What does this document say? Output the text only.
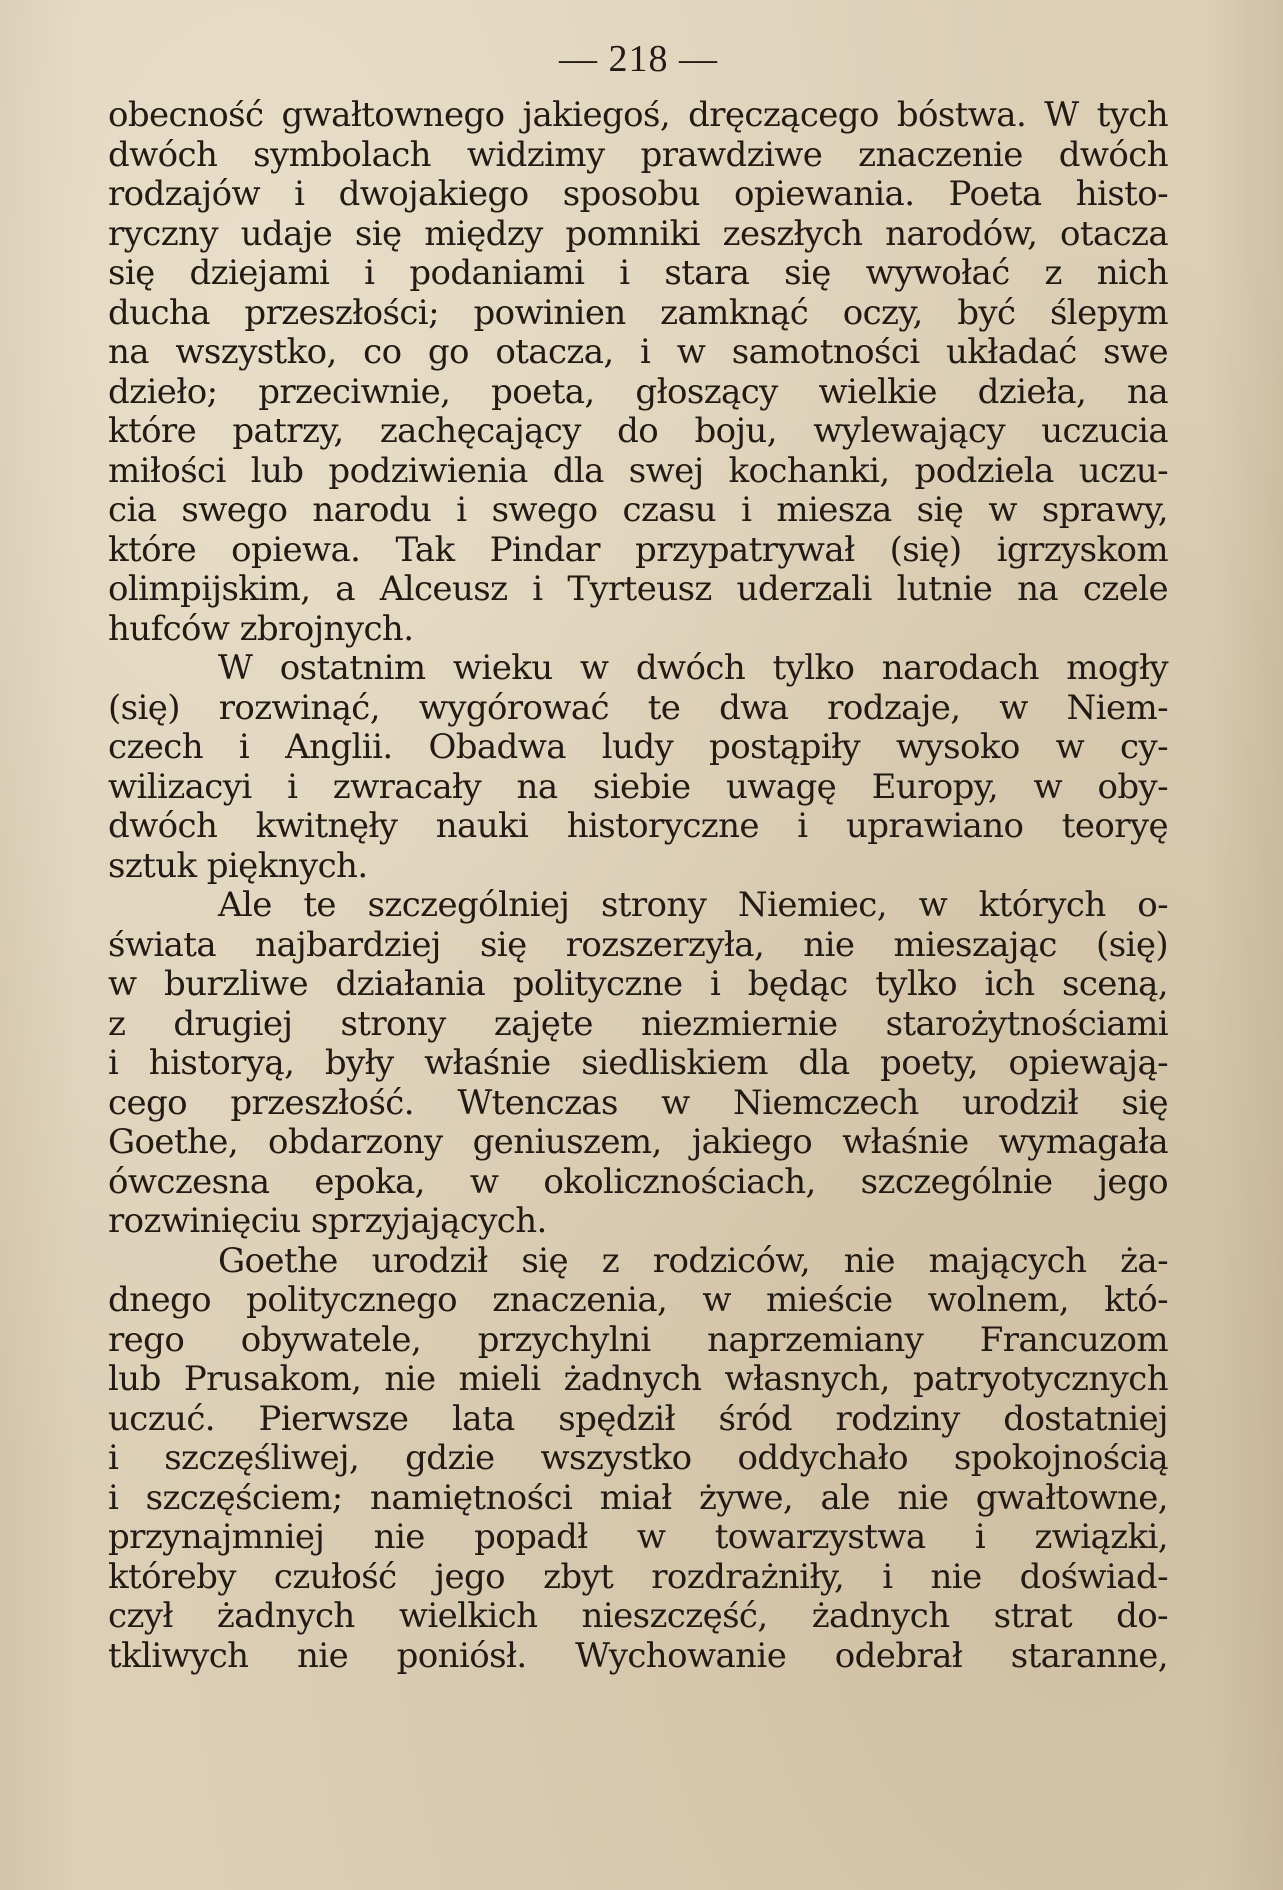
— 218 —
obecność gwałtownego jakiegoś, dręczącego bóstwa. W tych
dwóch symbolach widzimy prawdziwe znaczenie dwóch
rodzajów i dwojakiego sposobu opiewania. Poeta histo-
ryczny udaje się między pomniki zeszłych narodów, otacza
się dziejami i podaniami i stara się wywołać z nich
ducha przeszłości; powinien zamknąć oczy, być ślepym
na wszystko, co go otacza, i w samotności układać swe
dzieło; przeciwnie, poeta, głoszący wielkie dzieła, na
które patrzy, zachęcający do boju, wylewający uczucia
miłości lub podziwienia dla swej kochanki, podziela uczu-
cia swego narodu i swego czasu i miesza się w sprawy,
które opiewa. Tak Pindar przypatrywał (się) igrzyskom
olimpijskim, a Alceusz i Tyrteusz uderzali lutnie na czele
hufców zbrojnych.
W ostatnim wieku w dwóch tylko narodach mogły
(się) rozwinąć, wygórować te dwa rodzaje, w Niem-
czech i Anglii. Obadwa ludy postąpiły wysoko w cy-
wilizacyi i zwracały na siebie uwagę Europy, w oby-
dwóch kwitnęły nauki historyczne i uprawiano teoryę
sztuk pięknych.
Ale te szczególniej strony Niemiec, w których o-
światа najbardziej się rozszerzyła, nie mieszając (się)
w burzliwe działania polityczne i będąc tylko ich sceną,
z drugiej strony zajęte niezmiernie starożytnościami
i historyą, były właśnie siedliskiem dla poety, opiewają-
cego przeszłość. Wtenczas w Niemczech urodził się
Goethe, obdarzony geniuszem, jakiego właśnie wymagała
ówczesna epoka, w okolicznościach, szczególnie jego
rozwinięciu sprzyjających.
Goethe urodził się z rodziców, nie mających ża-
dnego politycznego znaczenia, w mieście wolnem, któ-
rego obywatele, przychylni naprzemiany Francuzom
lub Prusakom, nie mieli żadnych własnych, patryotycznych
uczuć. Pierwsze lata spędził śród rodziny dostatniej
i szczęśliwej, gdzie wszystko oddychało spokojnością
i szczęściem; namiętności miał żywe, ale nie gwałtowne,
przynajmniej nie popadł w towarzystwa i związki,
któreby czułość jego zbyt rozdrażniły, i nie doświad-
czył żadnych wielkich nieszczęść, żadnych strat do-
tkliwych nie poniósł. Wychowanie odebrał staranne,
